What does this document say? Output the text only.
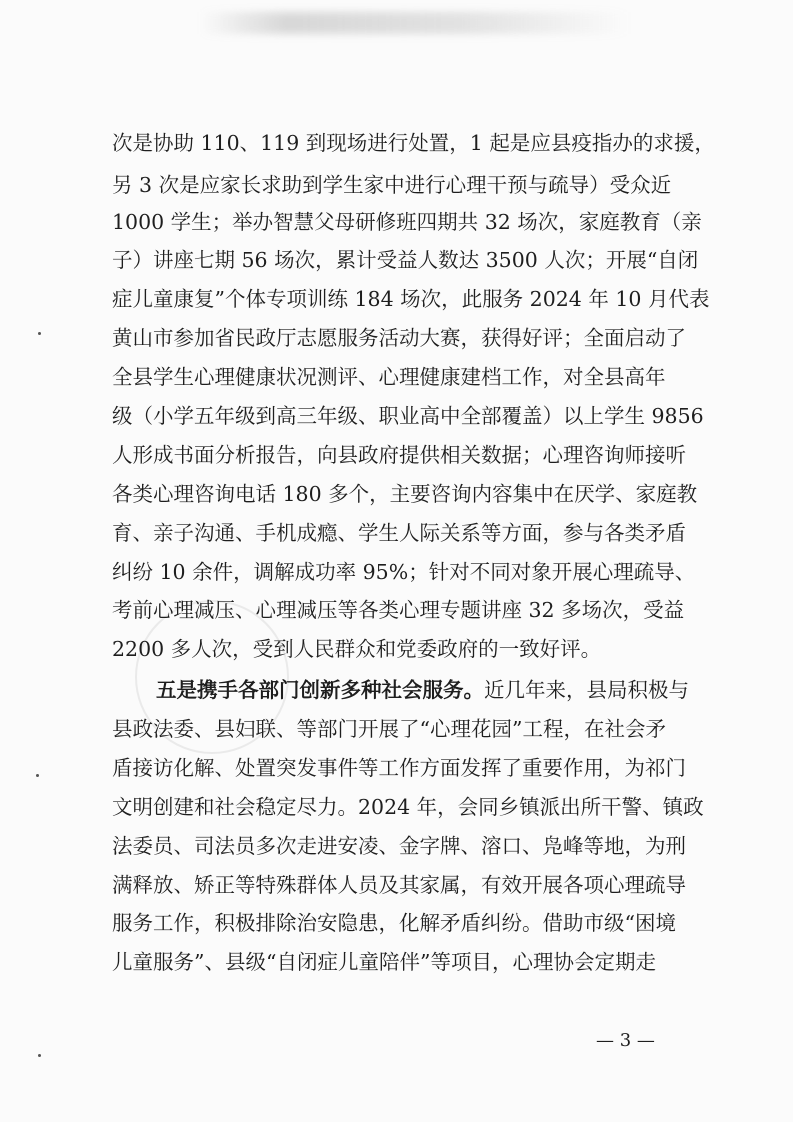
次是协助 110、119 到现场进行处置，1 起是应县疫指办的求援，
另 3 次是应家长求助到学生家中进行心理干预与疏导）受众近
1000 学生；举办智慧父母研修班四期共 32 场次，家庭教育（亲
子）讲座七期 56 场次，累计受益人数达 3500 人次；开展“自闭
症儿童康复”个体专项训练 184 场次，此服务 2024 年 10 月代表
黄山市参加省民政厅志愿服务活动大赛，获得好评；全面启动了
全县学生心理健康状况测评、心理健康建档工作，对全县高年
级（小学五年级到高三年级、职业高中全部覆盖）以上学生 9856
人形成书面分析报告，向县政府提供相关数据；心理咨询师接听
各类心理咨询电话 180 多个，主要咨询内容集中在厌学、家庭教
育、亲子沟通、手机成瘾、学生人际关系等方面，参与各类矛盾
纠纷 10 余件，调解成功率 95%；针对不同对象开展心理疏导、
考前心理减压、心理减压等各类心理专题讲座 32 多场次，受益
2200 多人次，受到人民群众和党委政府的一致好评。
五是携手各部门创新多种社会服务。近几年来，县局积极与
县政法委、县妇联、等部门开展了“心理花园”工程，在社会矛
盾接访化解、处置突发事件等工作方面发挥了重要作用，为祁门
文明创建和社会稳定尽力。2024 年，会同乡镇派出所干警、镇政
法委员、司法员多次走进安凌、金字牌、溶口、凫峰等地，为刑
满释放、矫正等特殊群体人员及其家属，有效开展各项心理疏导
服务工作，积极排除治安隐患，化解矛盾纠纷。借助市级“困境
儿童服务”、县级“自闭症儿童陪伴”等项目，心理协会定期走
— 3 —
